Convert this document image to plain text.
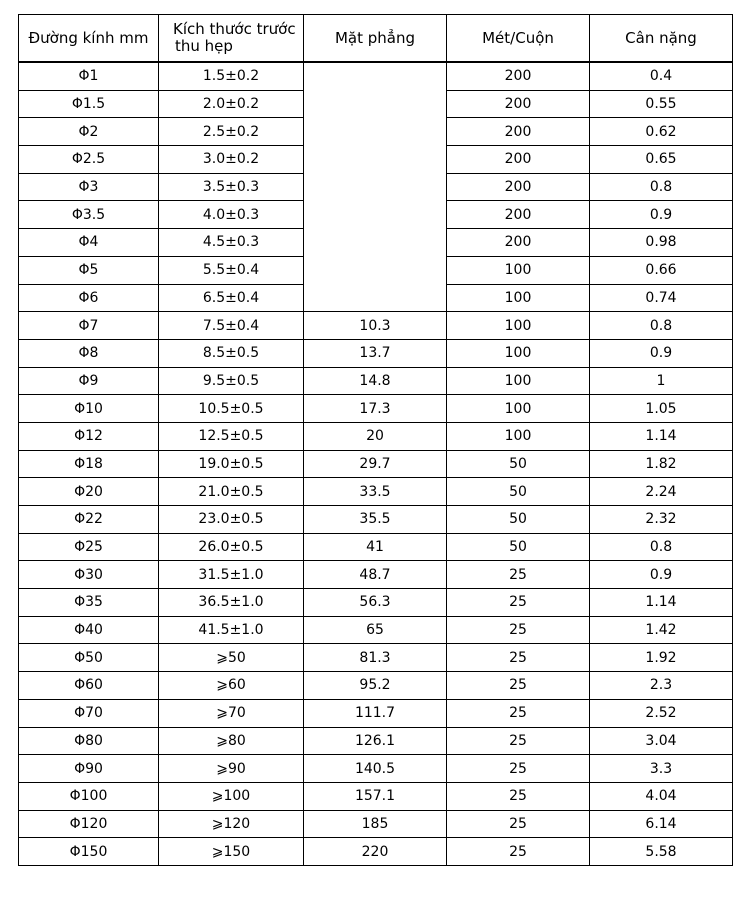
Đường kính mm	Kích thước trước
thu hẹp	Mặt phẳng	Mét/Cuộn	Cân nặng
Φ1	1.5±0.2		200	0.4
Φ1.5	2.0±0.2		200	0.55
Φ2	2.5±0.2		200	0.62
Φ2.5	3.0±0.2		200	0.65
Φ3	3.5±0.3		200	0.8
Φ3.5	4.0±0.3		200	0.9
Φ4	4.5±0.3		200	0.98
Φ5	5.5±0.4		100	0.66
Φ6	6.5±0.4		100	0.74
Φ7	7.5±0.4	10.3	100	0.8
Φ8	8.5±0.5	13.7	100	0.9
Φ9	9.5±0.5	14.8	100	1
Φ10	10.5±0.5	17.3	100	1.05
Φ12	12.5±0.5	20	100	1.14
Φ18	19.0±0.5	29.7	50	1.82
Φ20	21.0±0.5	33.5	50	2.24
Φ22	23.0±0.5	35.5	50	2.32
Φ25	26.0±0.5	41	50	0.8
Φ30	31.5±1.0	48.7	25	0.9
Φ35	36.5±1.0	56.3	25	1.14
Φ40	41.5±1.0	65	25	1.42
Φ50	⩾50	81.3	25	1.92
Φ60	⩾60	95.2	25	2.3
Φ70	⩾70	111.7	25	2.52
Φ80	⩾80	126.1	25	3.04
Φ90	⩾90	140.5	25	3.3
Φ100	⩾100	157.1	25	4.04
Φ120	⩾120	185	25	6.14
Φ150	⩾150	220	25	5.58
